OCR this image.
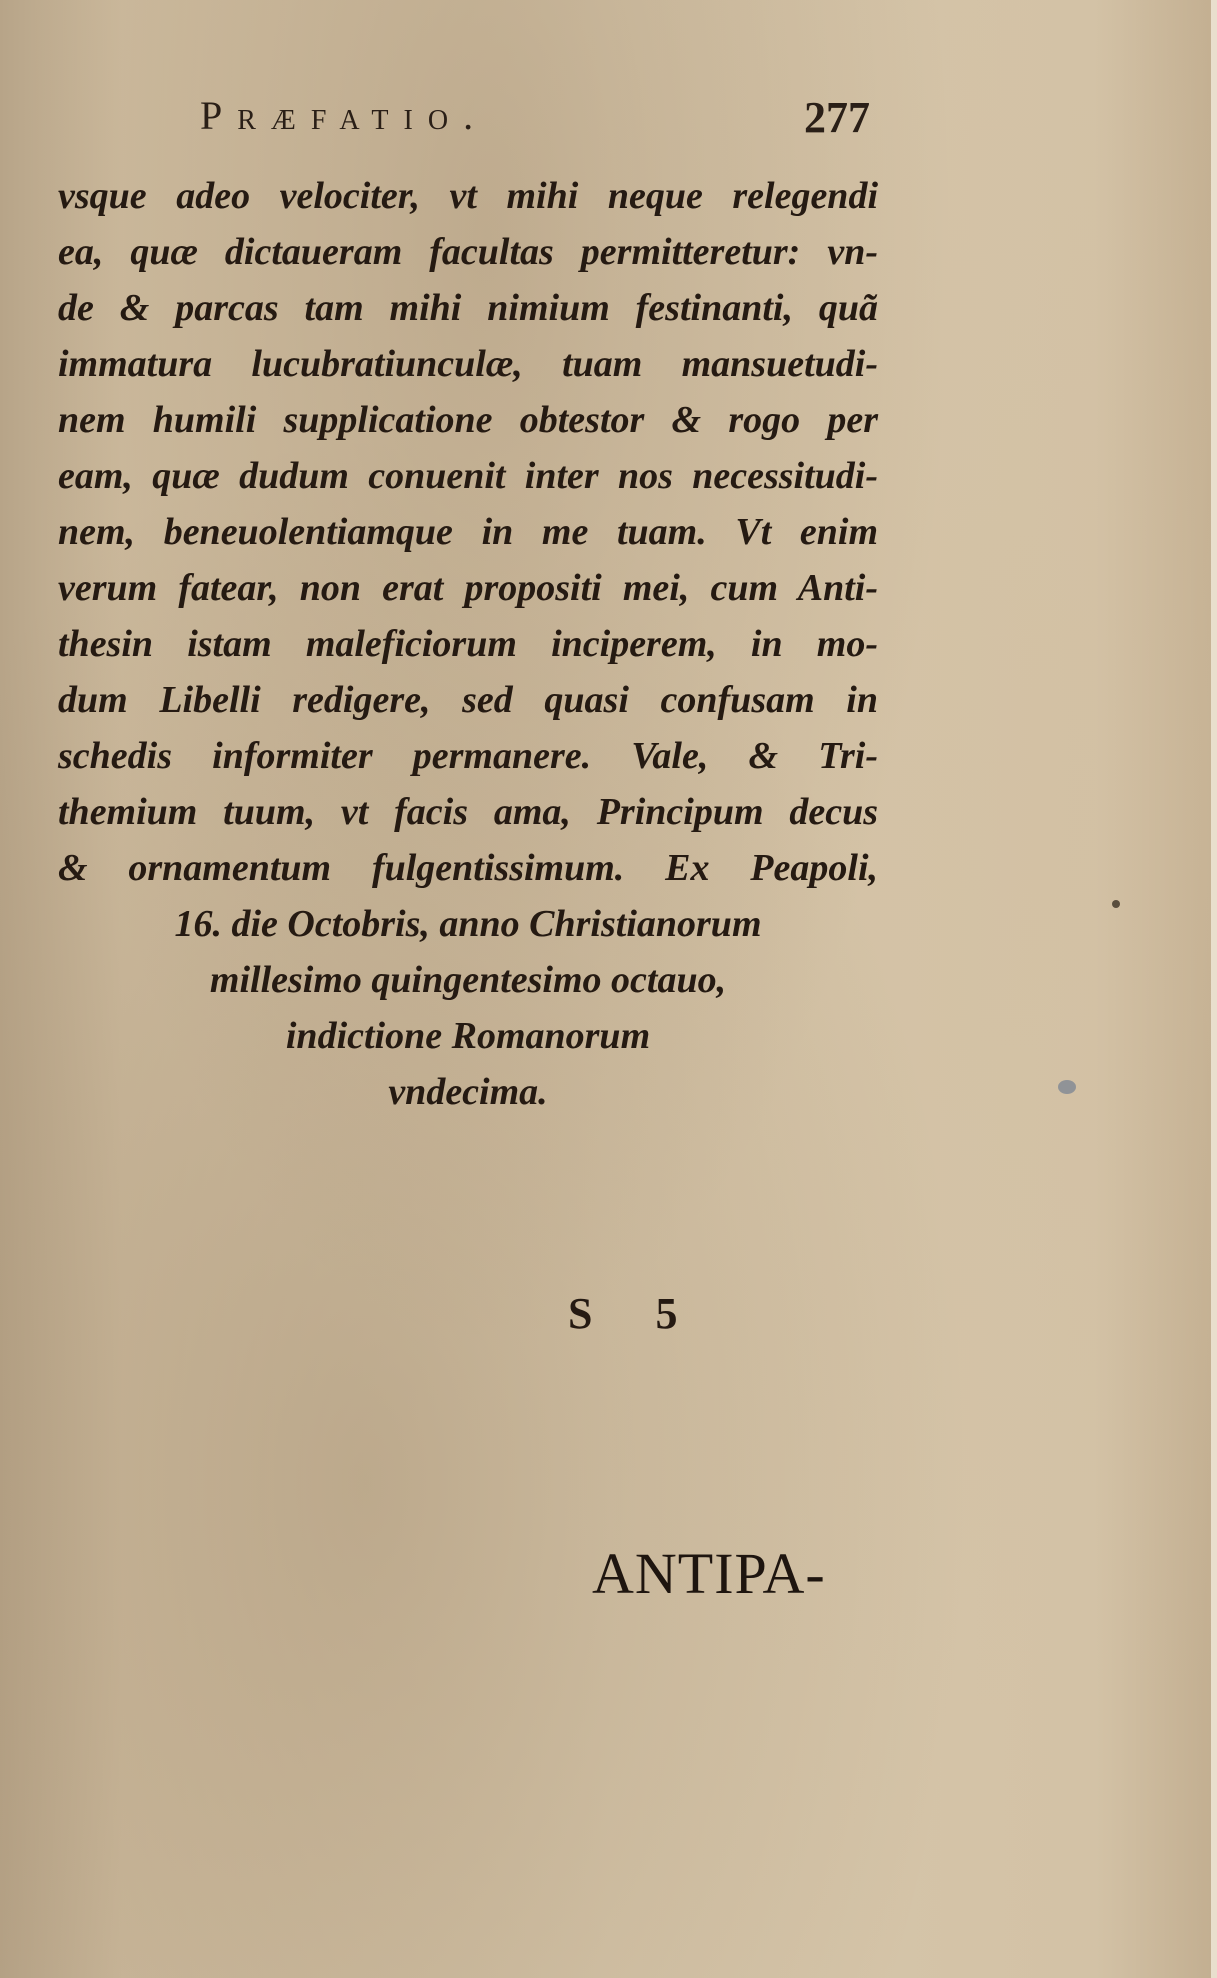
Præfatio.	277
vsque adeo velociter, vt mihi neque relegendi
ea, quæ dictaueram facultas permitteretur: vn-
de & parcas tam mihi nimium festinanti, quã
immatura lucubratiunculæ, tuam mansuetudi-
nem humili supplicatione obtestor & rogo per
eam, quæ dudum conuenit inter nos necessitudi-
nem, beneuolentiamque in me tuam. Vt enim
verum fatear, non erat propositi mei, cum Anti-
thesin istam maleficiorum inciperem, in mo-
dum Libelli redigere, sed quasi confusam in
schedis informiter permanere. Vale, & Tri-
themium tuum, vt facis ama, Principum decus
& ornamentum fulgentissimum. Ex Peapoli,
16. die Octobris, anno Christianorum
millesimo quingentesimo octauo,
indictione Romanorum
vndecima.
S 5
ANTIPA-
